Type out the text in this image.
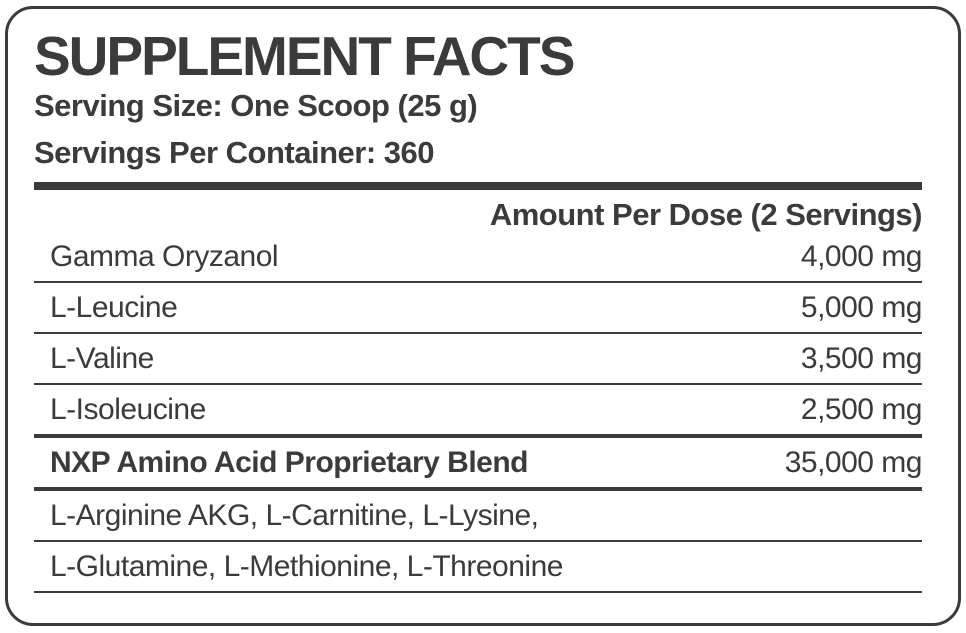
SUPPLEMENT FACTS
Serving Size: One Scoop (25 g)
Servings Per Container: 360
Amount Per Dose (2 Servings)
Gamma Oryzanol	4,000 mg
L-Leucine	5,000 mg
L-Valine	3,500 mg
L-Isoleucine	2,500 mg
NXP Amino Acid Proprietary Blend	35,000 mg
L-Arginine AKG, L-Carnitine, L-Lysine,
L-Glutamine, L-Methionine, L-Threonine
